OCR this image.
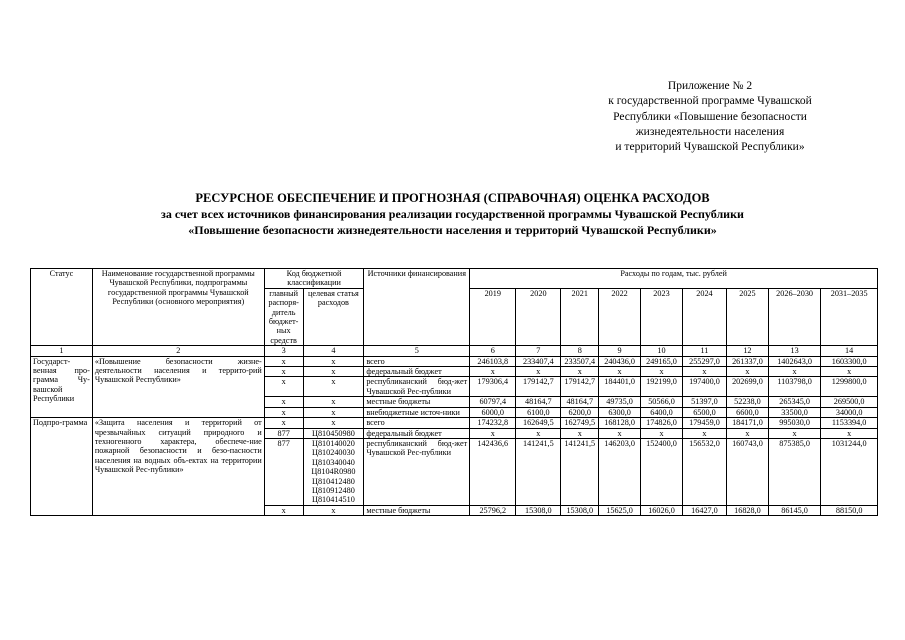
Приложение № 2
к государственной программе Чувашской
Республики «Повышение безопасности
жизнедеятельности населения
и территорий Чувашской Республики»
РЕСУРСНОЕ ОБЕСПЕЧЕНИЕ И ПРОГНОЗНАЯ (СПРАВОЧНАЯ) ОЦЕНКА РАСХОДОВ
за счет всех источников финансирования реализации государственной программы Чувашской Республики
«Повышение безопасности жизнедеятельности населения и территорий Чувашской Республики»
Статус	Наименование государственной программы Чувашской Республики, подпрограммы государственной программы Чувашской Республики (основного мероприятия)	Код бюджетной классификации		Источники финансирования	Расходы по годам, тыс. рублей								
		главный распоря-дитель бюджет-ных средств	целевая статья расходов		2019	2020	2021	2022	2023	2024	2025	2026–2030	2031–2035

1	2	3	4	5	6	7	8	9	10	11	12	13	14
Государст-венная про-грамма Чу-вашской Республики	«Повышение безопасности жизне-деятельности населения и террито-рий Чувашской Республики»	x	x	всего	246103,8	233407,4	233507,4	240436,0	249165,0	255297,0	261337,0	1402643,0	1603300,0
		x	x	федеральный бюджет	x	x	x	x	x	x	x	x	x
		x	x	республиканский бюд-жет Чувашской Рес-публики	179306,4	179142,7	179142,7	184401,0	192199,0	197400,0	202699,0	1103798,0	1299800,0
		x	x	местные бюджеты	60797,4	48164,7	48164,7	49735,0	50566,0	51397,0	52238,0	265345,0	269500,0
		x	x	внебюджетные источ-ники	6000,0	6100,0	6200,0	6300,0	6400,0	6500,0	6600,0	33500,0	34000,0
Подпро-грамма	«Защита населения и территорий от чрезвычайных ситуаций природного и техногенного характера, обеспече-ние пожарной безопасности и безо-пасности населения на водных объ-ектах на территории Чувашской Рес-публики»	x	x	всего	174232,8	162649,5	162749,5	168128,0	174826,0	179459,0	184171,0	995030,0	1153394,0
		877	Ц810450980	федеральный бюджет	x	x	x	x	x	x	x	x	x
		877	Ц810140020 Ц810240030 Ц810340040 Ц8104R0980 Ц810412480 Ц810912480 Ц810414510	республиканский бюд-жет Чувашской Рес-публики	142436,6	141241,5	141241,5	146203,0	152400,0	156532,0	160743,0	875385,0	1031244,0
		x	x	местные бюджеты	25796,2	15308,0	15308,0	15625,0	16026,0	16427,0	16828,0	86145,0	88150,0
